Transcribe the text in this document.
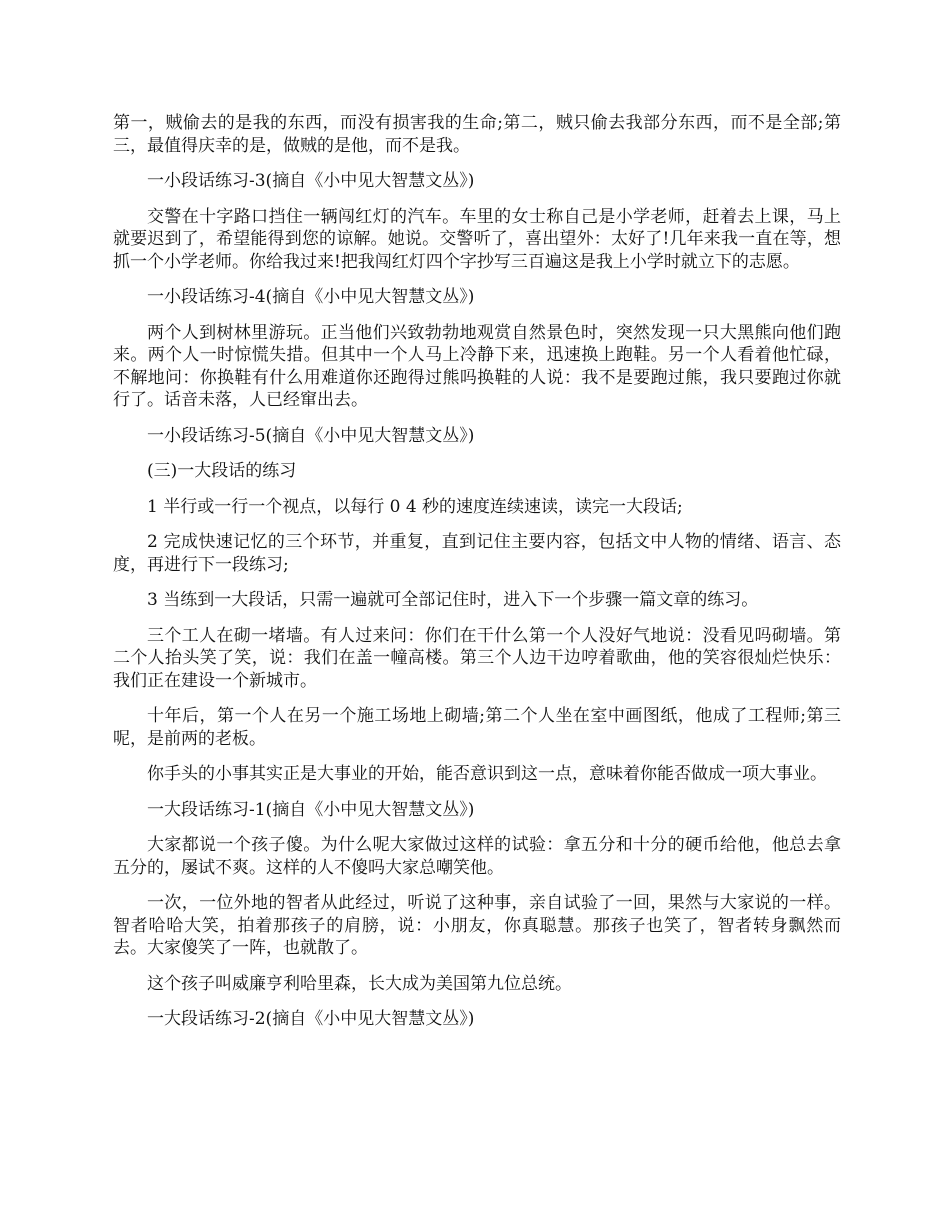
第一，贼偷去的是我的东西，而没有损害我的生命;第二，贼只偷去我部分东西，而不是全部;第三，最值得庆幸的是，做贼的是他，而不是我。

一小段话练习-3(摘自《小中见大智慧文丛》)

交警在十字路口挡住一辆闯红灯的汽车。车里的女士称自己是小学老师，赶着去上课，马上就要迟到了，希望能得到您的谅解。她说。交警听了，喜出望外：太好了!几年来我一直在等，想抓一个小学老师。你给我过来!把我闯红灯四个字抄写三百遍这是我上小学时就立下的志愿。

一小段话练习-4(摘自《小中见大智慧文丛》)

两个人到树林里游玩。正当他们兴致勃勃地观赏自然景色时，突然发现一只大黑熊向他们跑来。两个人一时惊慌失措。但其中一个人马上冷静下来，迅速换上跑鞋。另一个人看着他忙碌，不解地问：你换鞋有什么用难道你还跑得过熊吗换鞋的人说：我不是要跑过熊，我只要跑过你就行了。话音未落，人已经窜出去。

一小段话练习-5(摘自《小中见大智慧文丛》)

(三)一大段话的练习

1 半行或一行一个视点，以每行 0 4 秒的速度连续速读，读完一大段话;

2 完成快速记忆的三个环节，并重复，直到记住主要内容，包括文中人物的情绪、语言、态度，再进行下一段练习;

3 当练到一大段话，只需一遍就可全部记住时，进入下一个步骤一篇文章的练习。

三个工人在砌一堵墙。有人过来问：你们在干什么第一个人没好气地说：没看见吗砌墙。第二个人抬头笑了笑，说：我们在盖一幢高楼。第三个人边干边哼着歌曲，他的笑容很灿烂快乐：我们正在建设一个新城市。

十年后，第一个人在另一个施工场地上砌墙;第二个人坐在室中画图纸，他成了工程师;第三呢，是前两的老板。

你手头的小事其实正是大事业的开始，能否意识到这一点，意味着你能否做成一项大事业。

一大段话练习-1(摘自《小中见大智慧文丛》)

大家都说一个孩子傻。为什么呢大家做过这样的试验：拿五分和十分的硬币给他，他总去拿五分的，屡试不爽。这样的人不傻吗大家总嘲笑他。

一次，一位外地的智者从此经过，听说了这种事，亲自试验了一回，果然与大家说的一样。智者哈哈大笑，拍着那孩子的肩膀，说：小朋友，你真聪慧。那孩子也笑了，智者转身飘然而去。大家傻笑了一阵，也就散了。

这个孩子叫威廉亨利哈里森，长大成为美国第九位总统。

一大段话练习-2(摘自《小中见大智慧文丛》)
